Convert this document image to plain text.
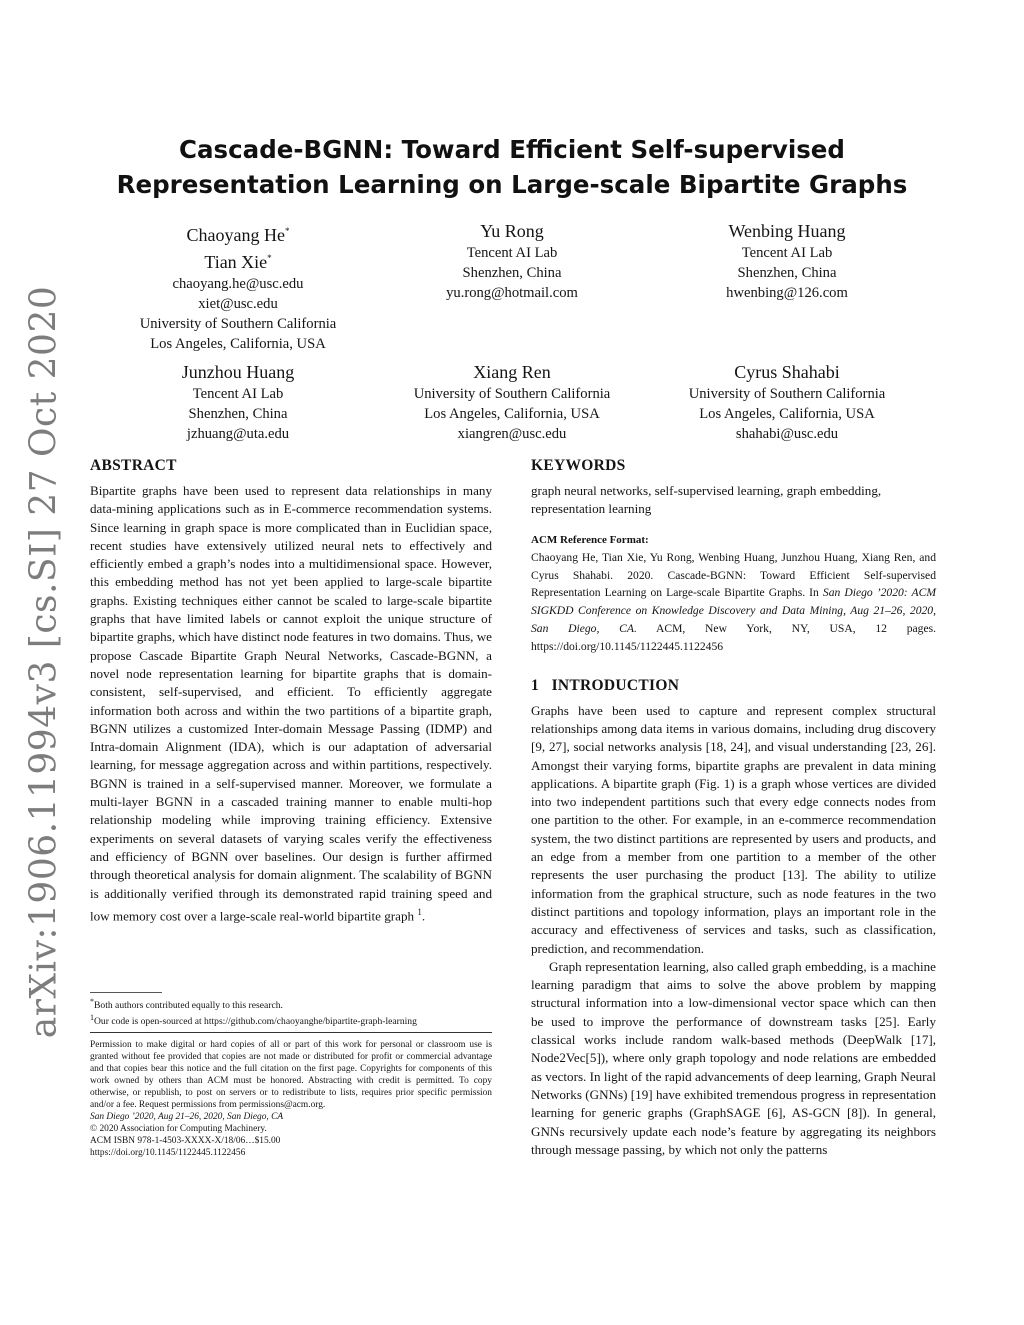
arXiv:1906.11994v3 [cs.SI] 27 Oct 2020
Cascade-BGNN: Toward Efficient Self-supervised
Representation Learning on Large-scale Bipartite Graphs
Chaoyang He*
Tian Xie*
chaoyang.he@usc.edu
xiet@usc.edu
University of Southern California
Los Angeles, California, USA
Yu Rong
Tencent AI Lab
Shenzhen, China
yu.rong@hotmail.com
Wenbing Huang
Tencent AI Lab
Shenzhen, China
hwenbing@126.com
Junzhou Huang
Tencent AI Lab
Shenzhen, China
jzhuang@uta.edu
Xiang Ren
University of Southern California
Los Angeles, California, USA
xiangren@usc.edu
Cyrus Shahabi
University of Southern California
Los Angeles, California, USA
shahabi@usc.edu
ABSTRACT

Bipartite graphs have been used to represent data relationships in many data-mining applications such as in E-commerce recommendation systems. Since learning in graph space is more complicated than in Euclidian space, recent studies have extensively utilized neural nets to effectively and efficiently embed a graph’s nodes into a multidimensional space. However, this embedding method has not yet been applied to large-scale bipartite graphs. Existing techniques either cannot be scaled to large-scale bipartite graphs that have limited labels or cannot exploit the unique structure of bipartite graphs, which have distinct node features in two domains. Thus, we propose Cascade Bipartite Graph Neural Networks, Cascade-BGNN, a novel node representation learning for bipartite graphs that is domain-consistent, self-supervised, and efficient. To efficiently aggregate information both across and within the two partitions of a bipartite graph, BGNN utilizes a customized Inter-domain Message Passing (IDMP) and Intra-domain Alignment (IDA), which is our adaptation of adversarial learning, for message aggregation across and within partitions, respectively. BGNN is trained in a self-supervised manner. Moreover, we formulate a multi-layer BGNN in a cascaded training manner to enable multi-hop relationship modeling while improving training efficiency. Extensive experiments on several datasets of varying scales verify the effectiveness and efficiency of BGNN over baselines. Our design is further affirmed through theoretical analysis for domain alignment. The scalability of BGNN is additionally verified through its demonstrated rapid training speed and low memory cost over a large-scale real-world bipartite graph $^1$.

*Both authors contributed equally to this research.
$^1$Our code is open-sourced at https://github.com/chaoyanghe/bipartite-graph-learning
Permission to make digital or hard copies of all or part of this work for personal or classroom use is granted without fee provided that copies are not made or distributed for profit or commercial advantage and that copies bear this notice and the full citation on the first page. Copyrights for components of this work owned by others than ACM must be honored. Abstracting with credit is permitted. To copy otherwise, or republish, to post on servers or to redistribute to lists, requires prior specific permission and/or a fee. Request permissions from permissions@acm.org.
San Diego ’2020, Aug 21–26, 2020, San Diego, CA
© 2020 Association for Computing Machinery.
ACM ISBN 978-1-4503-XXXX-X/18/06…$15.00
https://doi.org/10.1145/1122445.1122456
KEYWORDS

graph neural networks, self-supervised learning, graph embedding, representation learning

ACM Reference Format:

Chaoyang He, Tian Xie, Yu Rong, Wenbing Huang, Junzhou Huang, Xiang Ren, and Cyrus Shahabi. 2020. Cascade-BGNN: Toward Efficient Self-supervised Representation Learning on Large-scale Bipartite Graphs. In San Diego ’2020: ACM SIGKDD Conference on Knowledge Discovery and Data Mining, Aug 21–26, 2020, San Diego, CA. ACM, New York, NY, USA, 12 pages. https://doi.org/10.1145/1122445.1122456

1 INTRODUCTION

Graphs have been used to capture and represent complex structural relationships among data items in various domains, including drug discovery [9, 27], social networks analysis [18, 24], and visual understanding [23, 26]. Amongst their varying forms, bipartite graphs are prevalent in data mining applications. A bipartite graph (Fig. 1) is a graph whose vertices are divided into two independent partitions such that every edge connects nodes from one partition to the other. For example, in an e-commerce recommendation system, the two distinct partitions are represented by users and products, and an edge from a member from one partition to a member of the other represents the user purchasing the product [13]. The ability to utilize information from the graphical structure, such as node features in the two distinct partitions and topology information, plays an important role in the accuracy and effectiveness of services and tasks, such as classification, prediction, and recommendation.

Graph representation learning, also called graph embedding, is a machine learning paradigm that aims to solve the above problem by mapping structural information into a low-dimensional vector space which can then be used to improve the performance of downstream tasks [25]. Early classical works include random walk-based methods (DeepWalk [17], Node2Vec[5]), where only graph topology and node relations are embedded as vectors. In light of the rapid advancements of deep learning, Graph Neural Networks (GNNs) [19] have exhibited tremendous progress in representation learning for generic graphs (GraphSAGE [6], AS-GCN [8]). In general, GNNs recursively update each node’s feature by aggregating its neighbors through message passing, by which not only the patterns
